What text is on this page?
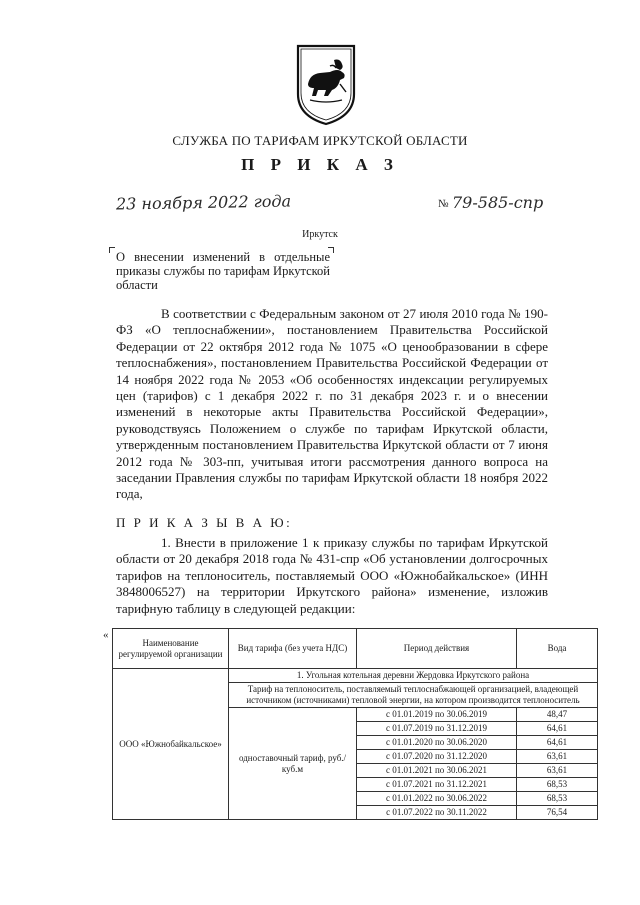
СЛУЖБА ПО ТАРИФАМ ИРКУТСКОЙ ОБЛАСТИ
П Р И К А З
23 ноября 2022 года	№ 79-585-спр
Иркутск
О внесении изменений в отдельные приказы службы по тарифам Иркутской области
В соответствии с Федеральным законом от 27 июля 2010 года № 190-ФЗ «О теплоснабжении», постановлением Правительства Российской Федерации от 22 октября 2012 года № 1075 «О ценообразовании в сфере теплоснабжения», постановлением Правительства Российской Федерации от 14 ноября 2022 года № 2053 «Об особенностях индексации регулируемых цен (тарифов) с 1 декабря 2022 г. по 31 декабря 2023 г. и о внесении изменений в некоторые акты Правительства Российской Федерации», руководствуясь Положением о службе по тарифам Иркутской области, утвержденным постановлением Правительства Иркутской области от 7 июня 2012 года № 303-пп, учитывая итоги рассмотрения данного вопроса на заседании Правления службы по тарифам Иркутской области 18 ноября 2022 года,
П Р И К А З Ы В А Ю:
1. Внести в приложение 1 к приказу службы по тарифам Иркутской области от 20 декабря 2018 года № 431-спр «Об установлении долгосрочных тарифов на теплоноситель, поставляемый ООО «Южнобайкальское» (ИНН 3848006527) на территории Иркутского района» изменение, изложив тарифную таблицу в следующей редакции:
«
Наименование регулируемой организации	Вид тарифа (без учета НДС)	Период действия	Вода
ООО «Южнобайкальское»	1. Угольная котельная деревни Жердовка Иркутского района		
	Тариф на теплоноситель, поставляемый теплоснабжающей организацией, владеющей источником (источниками) тепловой энергии, на котором производится теплоноситель		
	одноставочный тариф, руб./куб.м	с 01.01.2019 по 30.06.2019	48,47
		с 01.07.2019 по 31.12.2019	64,61
		с 01.01.2020 по 30.06.2020	64,61
		с 01.07.2020 по 31.12.2020	63,61
		с 01.01.2021 по 30.06.2021	63,61
		с 01.07.2021 по 31.12.2021	68,53
		с 01.01.2022 по 30.06.2022	68,53
		с 01.07.2022 по 30.11.2022	76,54
